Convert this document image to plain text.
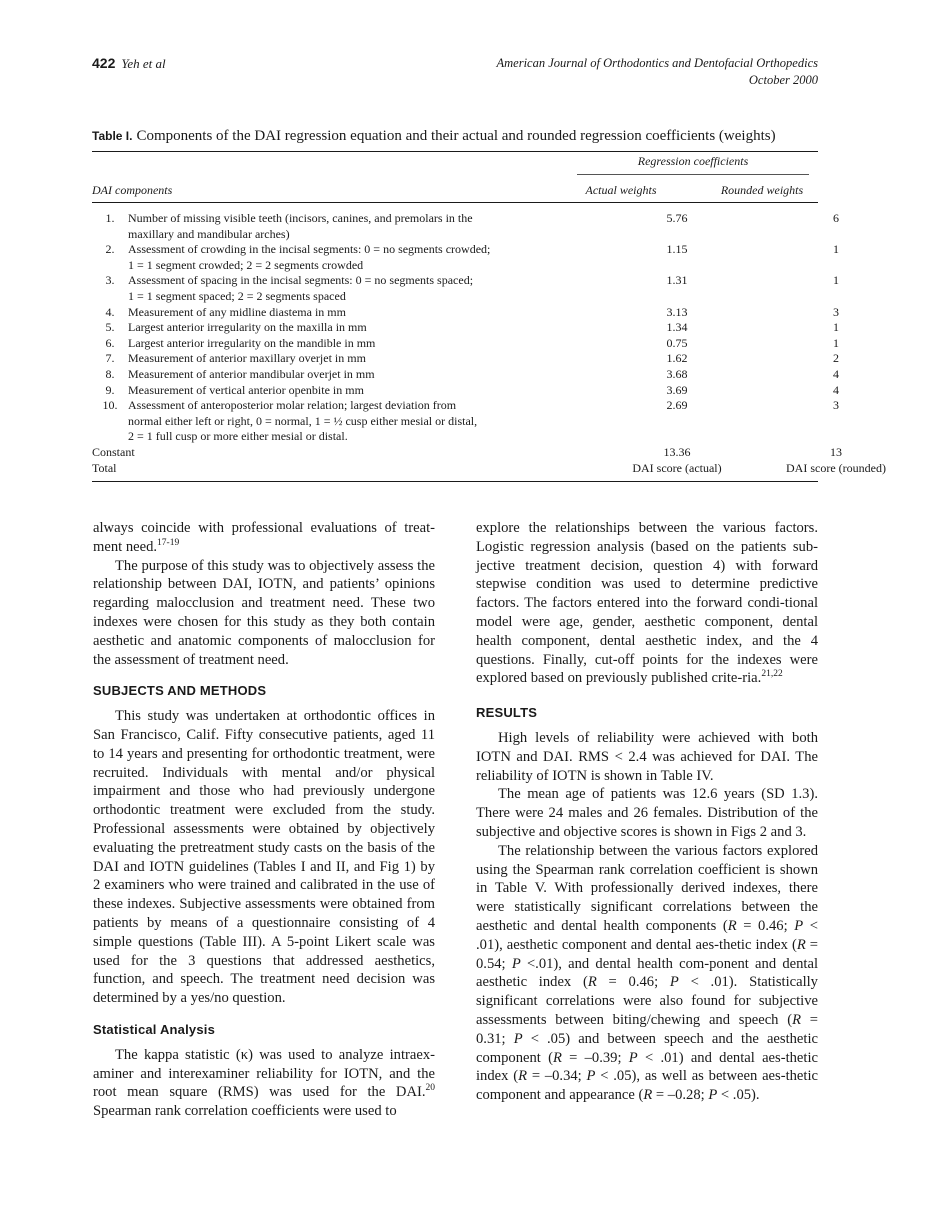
422 Yeh et al	American Journal of Orthodontics and Dentofacial Orthopedics
October 2000
Table I. Components of the DAI regression equation and their actual and rounded regression coefficients (weights)
Regression coefficients
DAI components	Actual weights	Rounded weights
1.	Number of missing visible teeth (incisors, canines, and premolars in the
maxillary and mandibular arches)
5.76	6
2.	Assessment of crowding in the incisal segments: 0 = no segments crowded;
1 = 1 segment crowded; 2 = 2 segments crowded
1.15	1
3.	Assessment of spacing in the incisal segments: 0 = no segments spaced;
1 = 1 segment spaced; 2 = 2 segments spaced
1.31	1
4.	Measurement of any midline diastema in mm	3.13	3
5.	Largest anterior irregularity on the maxilla in mm	1.34	1
6.	Largest anterior irregularity on the mandible in mm	0.75	1
7.	Measurement of anterior maxillary overjet in mm	1.62	2
8.	Measurement of anterior mandibular overjet in mm	3.68	4
9.	Measurement of vertical anterior openbite in mm	3.69	4
10. Assessment of anteroposterior molar relation; largest deviation from
normal either left or right, 0 = normal, 1 = ½ cusp either mesial or distal,
2 = 1 full cusp or more either mesial or distal.
2.69	3
Constant	13.36	13
Total	DAI score (actual)	DAI score (rounded)

always coincide with professional evaluations of treat-ment need.$^{17-19}$

The purpose of this study was to objectively assess the relationship between DAI, IOTN, and patients’ opinions regarding malocclusion and treatment need. These two indexes were chosen for this study as they both contain aesthetic and anatomic components of malocclusion for the assessment of treatment need.

SUBJECTS AND METHODS

This study was undertaken at orthodontic offices in San Francisco, Calif. Fifty consecutive patients, aged 11 to 14 years and presenting for orthodontic treatment, were recruited. Individuals with mental and/or physical impairment and those who had previously undergone orthodontic treatment were excluded from the study. Professional assessments were obtained by objectively evaluating the pretreatment study casts on the basis of the DAI and IOTN guidelines (Tables I and II, and Fig 1) by 2 examiners who were trained and calibrated in the use of these indexes. Subjective assessments were obtained from patients by means of a questionnaire consisting of 4 simple questions (Table III). A 5-point Likert scale was used for the 3 questions that addressed aesthetics, function, and speech. The treatment need decision was determined by a yes/no question.

Statistical Analysis

The kappa statistic (κ) was used to analyze intraex-aminer and interexaminer reliability for IOTN, and the root mean square (RMS) was used for the DAI.$^{20}$ Spearman rank correlation coefficients were used to

explore the relationships between the various factors. Logistic regression analysis (based on the patients sub-jective treatment decision, question 4) with forward stepwise condition was used to determine predictive factors. The factors entered into the forward condi-tional model were age, gender, aesthetic component, dental health component, dental aesthetic index, and the 4 questions. Finally, cut-off points for the indexes were explored based on previously published crite-ria.$^{21,22}$

RESULTS

High levels of reliability were achieved with both IOTN and DAI. RMS < 2.4 was achieved for DAI. The reliability of IOTN is shown in Table IV.

The mean age of patients was 12.6 years (SD 1.3). There were 24 males and 26 females. Distribution of the subjective and objective scores is shown in Figs 2 and 3.

The relationship between the various factors explored using the Spearman rank correlation coefficient is shown in Table V. With professionally derived indexes, there were statistically significant correlations between the aesthetic and dental health components (R = 0.46; P < .01), aesthetic component and dental aes-thetic index (R = 0.54; P <.01), and dental health com-ponent and dental aesthetic index (R = 0.46; P < .01). Statistically significant correlations were also found for subjective assessments between biting/chewing and speech (R = 0.31; P < .05) and between speech and the aesthetic component (R = –0.39; P < .01) and dental aes-thetic index (R = –0.34; P < .05), as well as between aes-thetic component and appearance (R = –0.28; P < .05).
